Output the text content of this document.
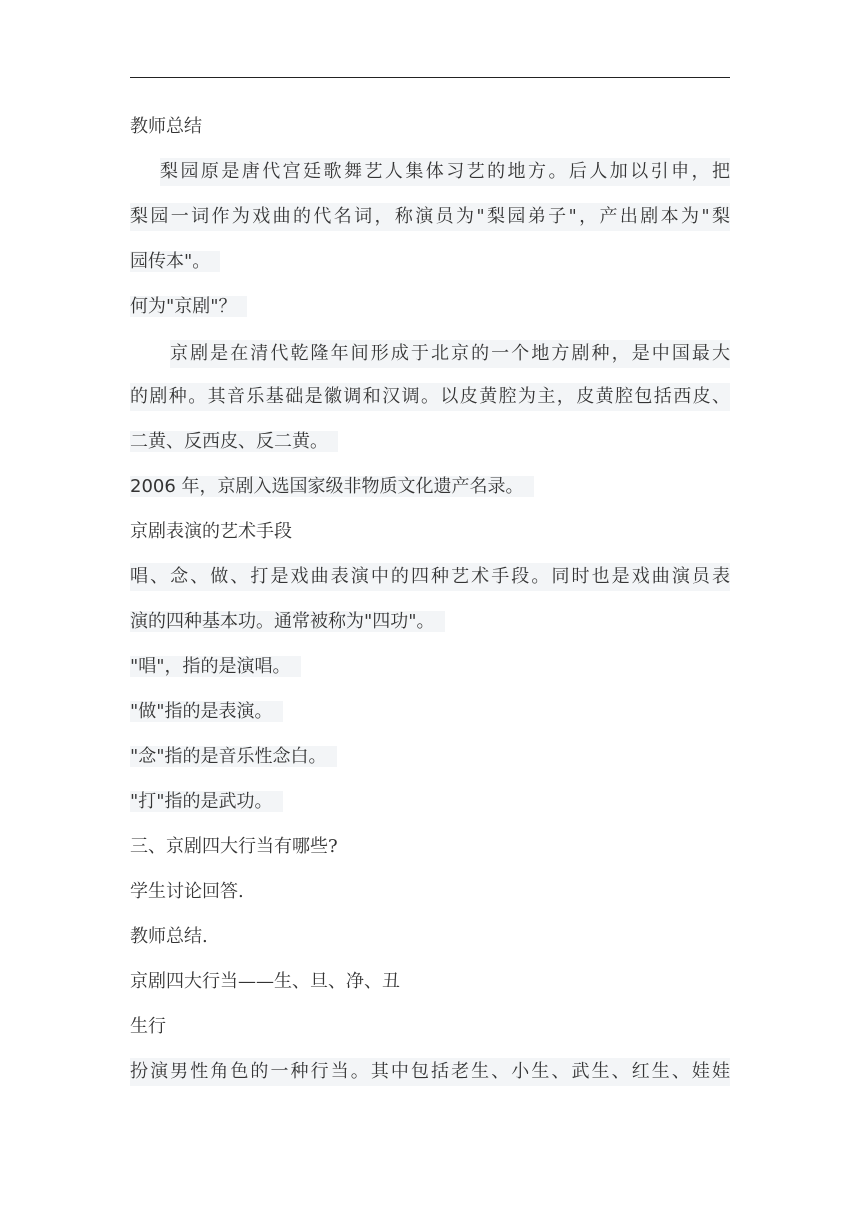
教师总结
梨园原是唐代宫廷歌舞艺人集体习艺的地方。后人加以引申，把
梨园一词作为戏曲的代名词，称演员为"梨园弟子"，产出剧本为"梨
园传本"。
何为"京剧"？
京剧是在清代乾隆年间形成于北京的一个地方剧种，是中国最大
的剧种。其音乐基础是徽调和汉调。以皮黄腔为主，皮黄腔包括西皮、
二黄、反西皮、反二黄。
2006 年，京剧入选国家级非物质文化遗产名录。
京剧表演的艺术手段
唱、念、做、打是戏曲表演中的四种艺术手段。同时也是戏曲演员表
演的四种基本功。通常被称为"四功"。
"唱"，指的是演唱。
"做"指的是表演。
"念"指的是音乐性念白。
"打"指的是武功。
三、京剧四大行当有哪些?
学生讨论回答.
教师总结.
京剧四大行当——生、旦、净、丑
生行
扮演男性角色的一种行当。其中包括老生、小生、武生、红生、娃娃
